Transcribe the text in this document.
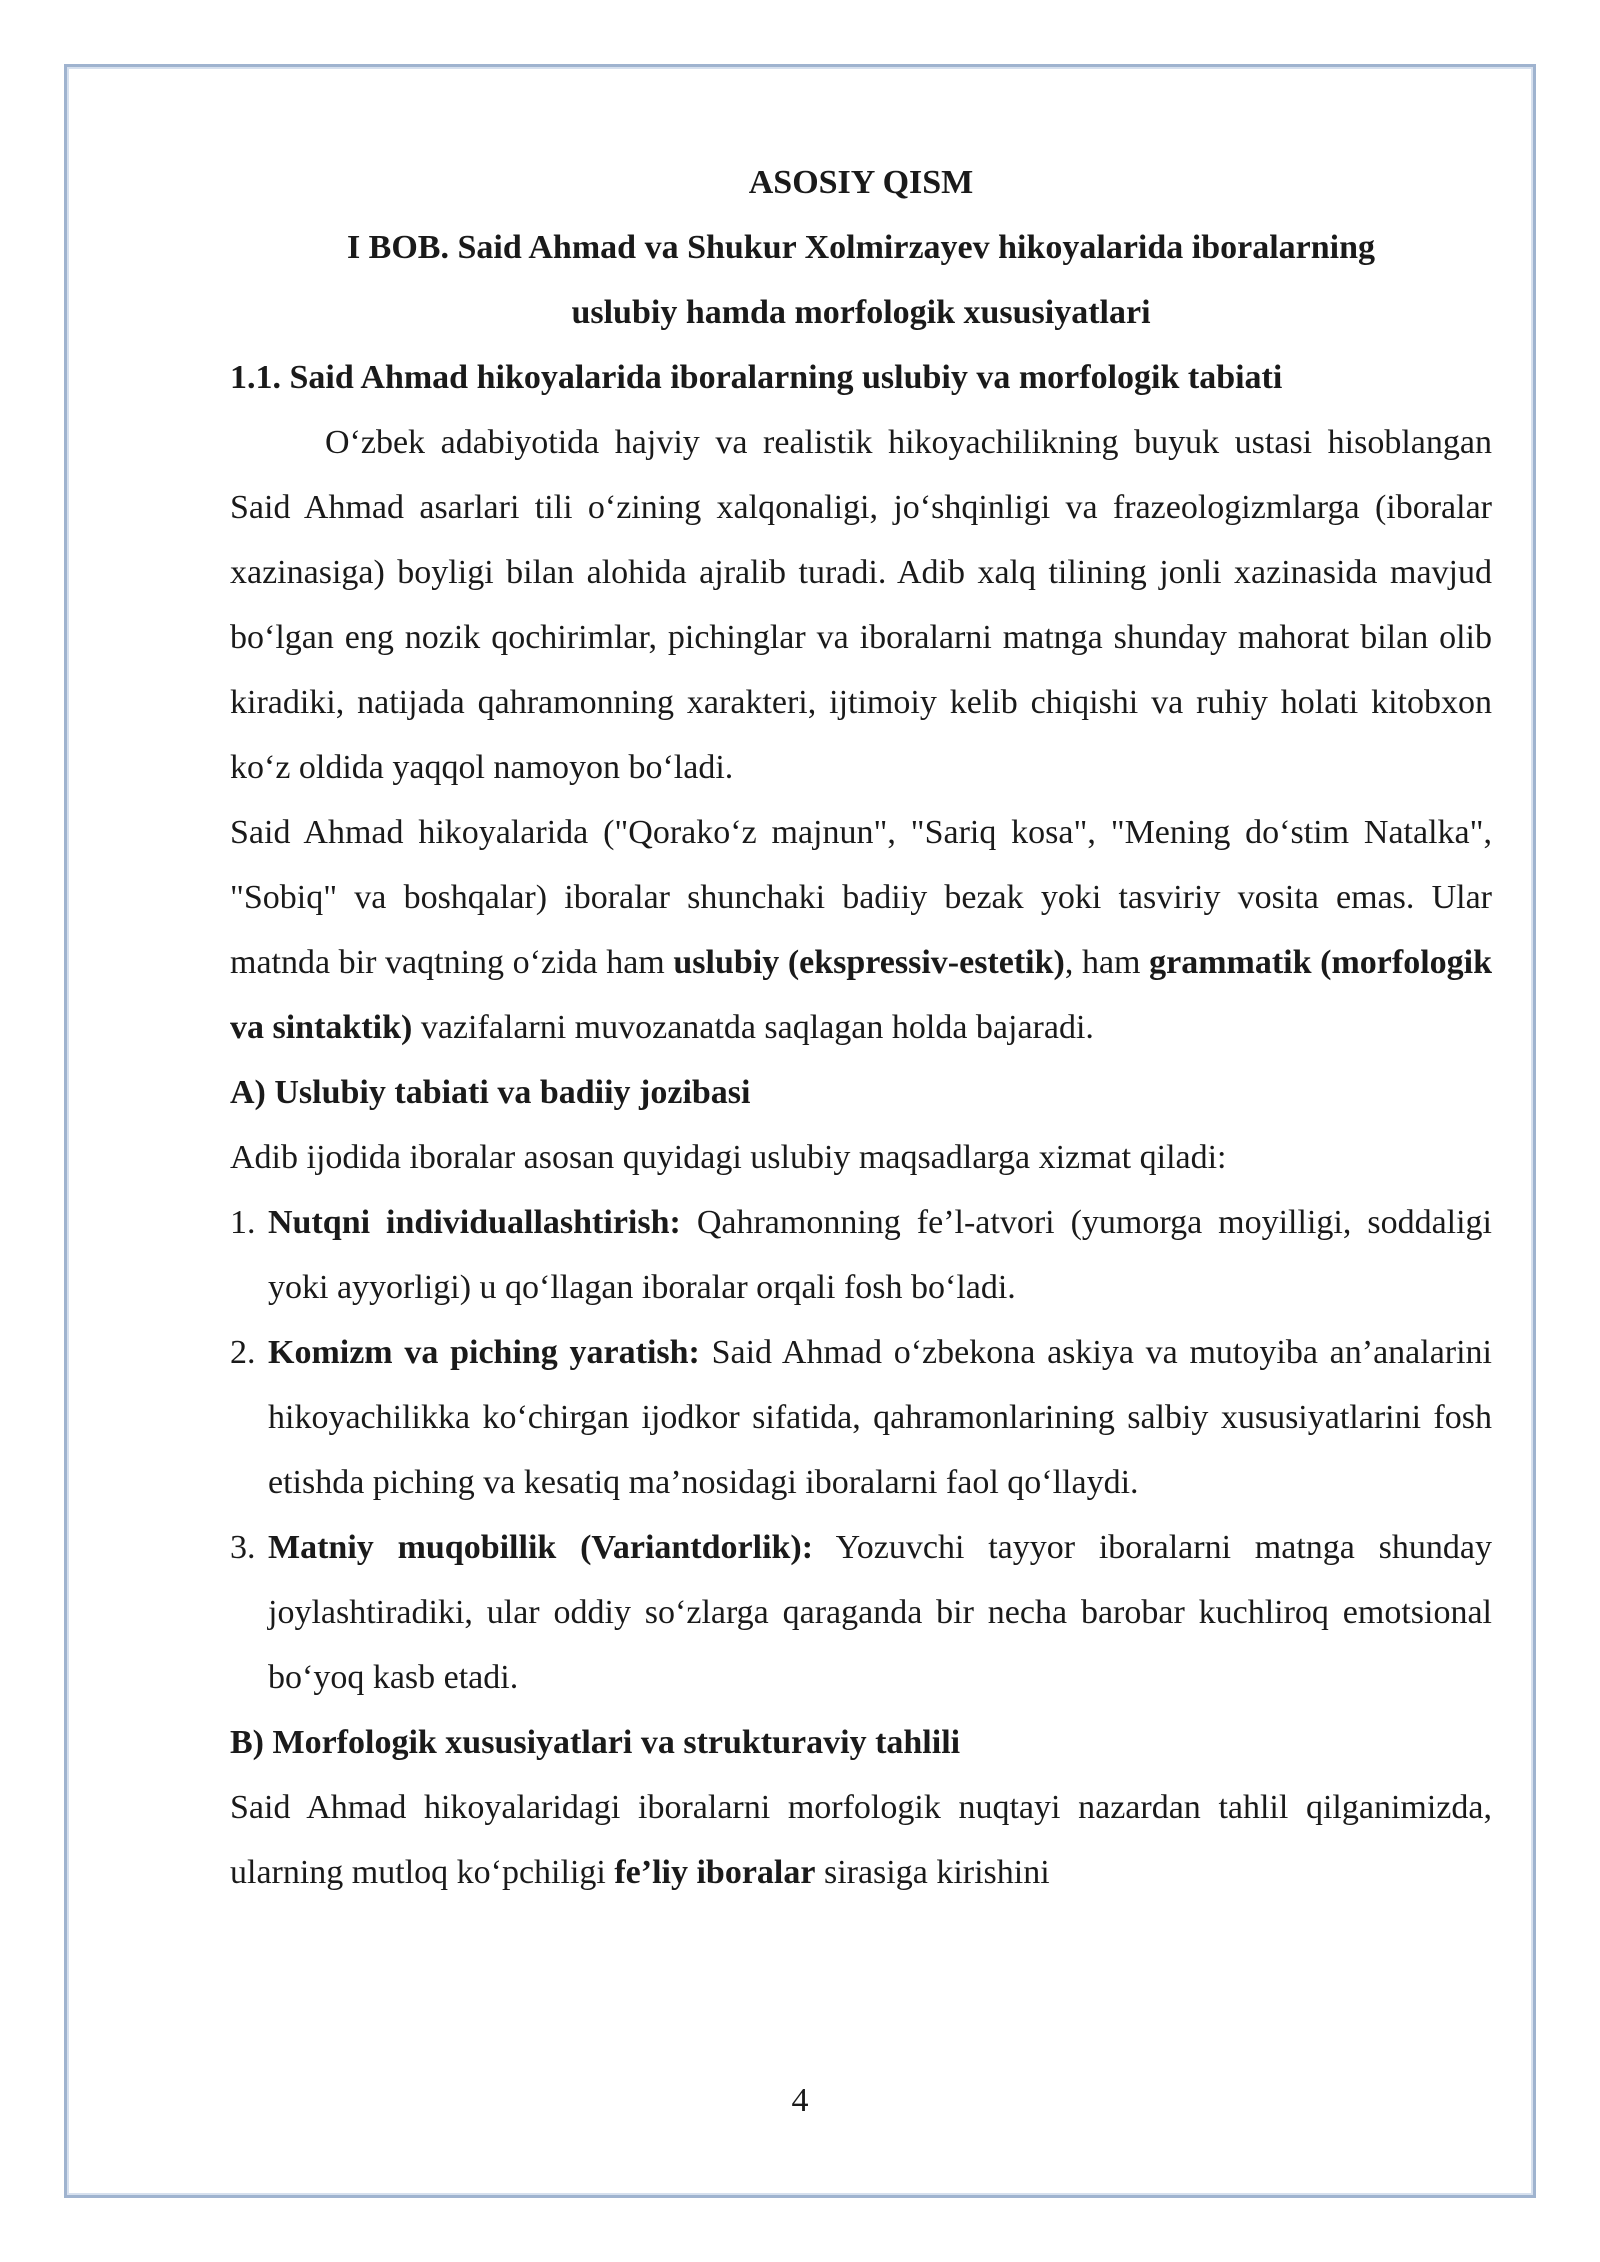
ASOSIY QISM
I BOB. Said Ahmad va Shukur Xolmirzayev hikoyalarida iboralarning
uslubiy hamda morfologik xususiyatlari
1.1. Said Ahmad hikoyalarida iboralarning uslubiy va morfologik tabiati

O‘zbek adabiyotida hajviy va realistik hikoyachilikning buyuk ustasi hisoblangan Said Ahmad asarlari tili o‘zining xalqonaligi, jo‘shqinligi va frazeologizmlarga (iboralar xazinasiga) boyligi bilan alohida ajralib turadi. Adib xalq tilining jonli xazinasida mavjud bo‘lgan eng nozik qochirimlar, pichinglar va iboralarni matnga shunday mahorat bilan olib kiradiki, natijada qahramonning xarakteri, ijtimoiy kelib chiqishi va ruhiy holati kitobxon ko‘z oldida yaqqol namoyon bo‘ladi.

Said Ahmad hikoyalarida ("Qorako‘z majnun", "Sariq kosa", "Mening do‘stim Natalka", "Sobiq" va boshqalar) iboralar shunchaki badiiy bezak yoki tasviriy vosita emas. Ular matnda bir vaqtning o‘zida ham uslubiy (ekspressiv-estetik), ham grammatik (morfologik va sintaktik) vazifalarni muvozanatda saqlagan holda bajaradi.

A) Uslubiy tabiati va badiiy jozibasi

Adib ijodida iboralar asosan quyidagi uslubiy maqsadlarga xizmat qiladi:

1. Nutqni individuallashtirish: Qahramonning fe’l-atvori (yumorga moyilligi, soddaligi yoki ayyorligi) u qo‘llagan iboralar orqali fosh bo‘ladi.
2. Komizm va piching yaratish: Said Ahmad o‘zbekona askiya va mutoyiba an’analarini hikoyachilikka ko‘chirgan ijodkor sifatida, qahramonlarining salbiy xususiyatlarini fosh etishda piching va kesatiq ma’nosidagi iboralarni faol qo‘llaydi.
3. Matniy muqobillik (Variantdorlik): Yozuvchi tayyor iboralarni matnga shunday joylashtiradiki, ular oddiy so‘zlarga qaraganda bir necha barobar kuchliroq emotsional bo‘yoq kasb etadi.
B) Morfologik xususiyatlari va strukturaviy tahlili

Said Ahmad hikoyalaridagi iboralarni morfologik nuqtayi nazardan tahlil qilganimizda, ularning mutloq ko‘pchiligi fe’liy iboralar sirasiga kirishini

4
